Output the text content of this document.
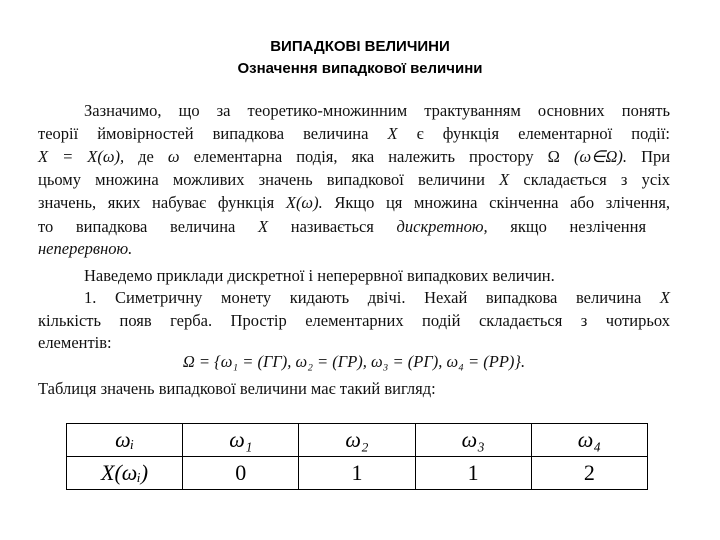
ВИПАДКОВІ ВЕЛИЧИНИ
Означення випадкової величини
Зазначимо, що за теоретико-множинним трактуванням основних понять
теорії ймовірностей випадкова величина X є функція елементарної події:
X = X(ω), де ω елементарна подія, яка належить простору Ω (ω∈Ω). При
цьому множина можливих значень випадкової величини X складається з усіх
значень, яких набуває функція X(ω). Якщо ця множина скінченна або злічення,
то випадкова величина X називається дискретною, якщо незлічення
неперервною.
Наведемо приклади дискретної і неперервної випадкових величин.
1. Симетричну монету кидають двічі. Нехай випадкова величина X
кількість появ герба. Простір елементарних подій складається з чотирьох
елементів:
Ω = {ω₁ = (ГГ), ω₂ = (ГР), ω₃ = (РГ), ω₄ = (РР)}.
Таблиця значень випадкової величини має такий вигляд:
ωᵢ	ω₁	ω₂	ω₃	ω₄
X(ωᵢ)	0	1	1	2
